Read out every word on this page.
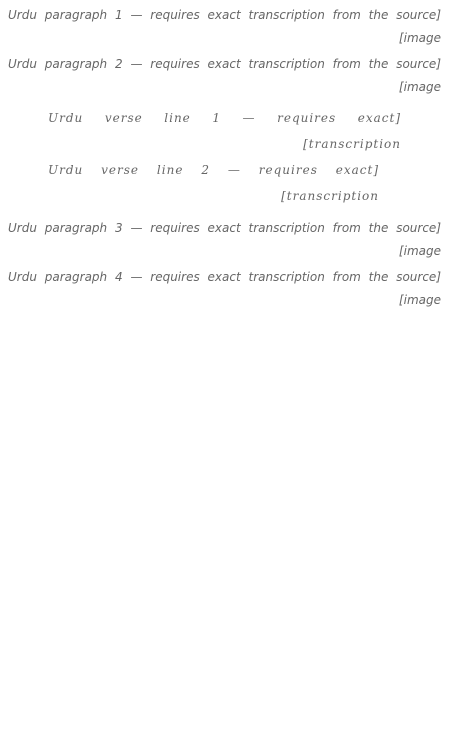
[Urdu paragraph 1 — requires exact transcription from the source image]

[Urdu paragraph 2 — requires exact transcription from the source image]

[Urdu verse line 1 — requires exact transcription]
[Urdu verse line 2 — requires exact transcription]

[Urdu paragraph 3 — requires exact transcription from the source image]

[Urdu paragraph 4 — requires exact transcription from the source image]
